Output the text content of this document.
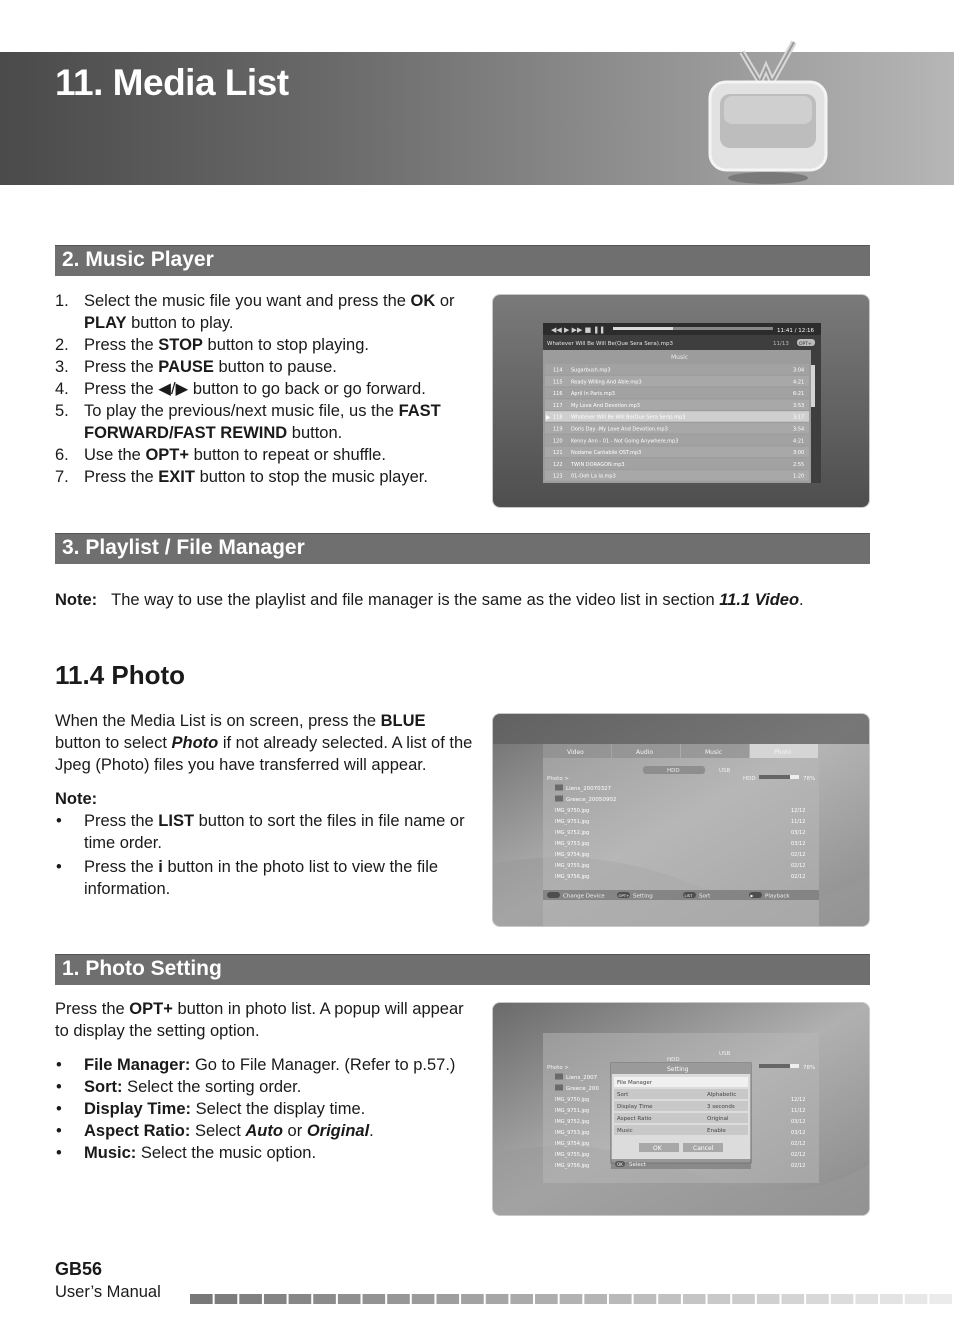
11. Media List
2. Music Player
1. Select the music file you want and press the OK or PLAY button to play.
2. Press the STOP button to stop playing.
3. Press the PAUSE button to pause.
4. Press the ◀/▶ button to go back or go forward.
5. To play the previous/next music file, us the FAST FORWARD/FAST REWIND button.
6. Use the OPT+ button to repeat or shuffle.
7. Press the EXIT button to stop the music player.
◀◀ ▶ ▶▶ ■ ❚❚	11:41 / 12:16
Whatever Will Be Will Be(Que Sera Sera).mp3	11/13 OPT+
Music
114 Sugarbush.mp3	3:04
115 Ready Willing And Able.mp3	4:21
116 April In Paris.mp3	6:21
117 My Love And Devotion.mp3	3:53
▶ 118 Whatever Will Be Will Be(Que Sera Sera).mp3	3:17
119 Doris Day -My Love And Devotion.mp3	3:54
120 Kenny Ann - 01 - Not Going Anywhere.mp3	4:21
121 Nodame Cantabile OST.mp3	3:00
122 TWIN DORAGON.mp3	2:55
123 01-Ooh La la.mp3	1:20
3. Playlist / File Manager
Note: The way to use the playlist and file manager is the same as the video list in section 11.1 Video.
11.4 Photo
When the Media List is on screen, press the BLUE button to select Photo if not already selected. A list of the Jpeg (Photo) files you have transferred will appear.
Note:
• Press the LIST button to sort the files in file name or time order.
• Press the i button in the photo list to view the file information.
Video	Audio	Music	Photo
HDD	USB
Photo >	HDD	78%
Liens_20070327
Greece_20050902
IMG_9750.jpg	12/12
IMG_9751.jpg	11/12
IMG_9752.jpg	03/12
IMG_9753.jpg	03/12
IMG_9754.jpg	02/12
IMG_9755.jpg	02/12
IMG_9756.jpg	02/12
Change Device	OPT+ Setting	LIST Sort	▶ Playback
1. Photo Setting
Press the OPT+ button in photo list. A popup will appear to display the setting option.
• File Manager: Go to File Manager. (Refer to p.57.)
• Sort: Select the sorting order.
• Display Time: Select the display time.
• Aspect Ratio: Select Auto or Original.
• Music: Select the music option.
HDD
USB
Photo >	78%
Liens_2007
Greece_200
IMG_9750.jpg	12/12
IMG_9751.jpg	11/12
IMG_9752.jpg	03/12
IMG_9753.jpg	03/12
IMG_9754.jpg	02/12
IMG_9755.jpg	02/12
IMG_9756.jpg	02/12
Setting
File Manager
Sort	Alphabetic
Display Time	3 seconds
Aspect Ratio	Original
Music	Enable
OK	Cancel
OK Select
GB56
User’s Manual
